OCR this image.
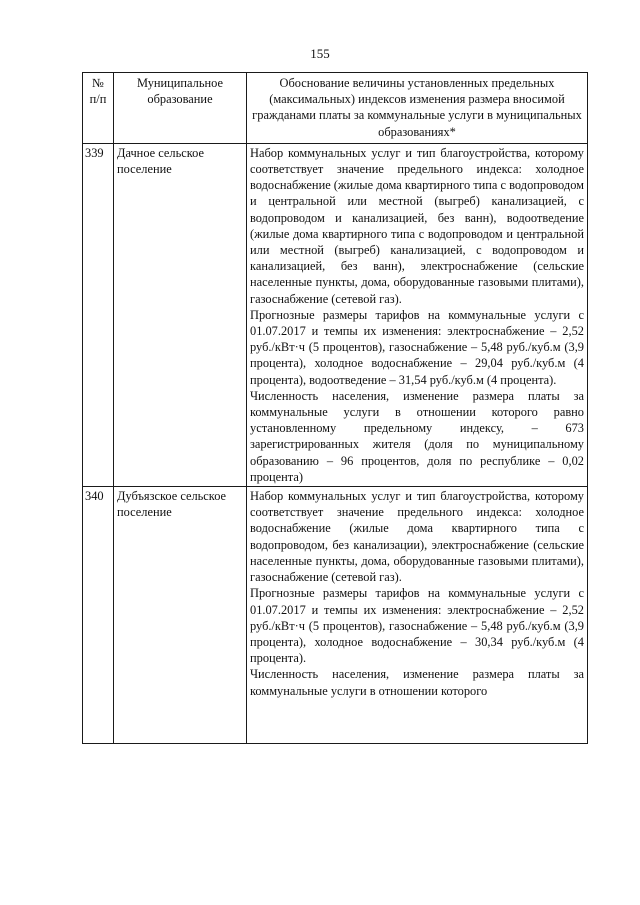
155
№ п/п	Муниципальное образование	Обоснование величины установленных предельных (максимальных) индексов изменения размера вносимой гражданами платы за коммунальные услуги в муниципальных образованиях*
339	Дачное сельское поселение	Набор коммунальных услуг и тип благоустройства, которому соответствует значение предельного индекса: холодное водоснабжение (жилые дома квартирного типа с водопроводом и центральной или местной (выгреб) канализацией, с водопроводом и канализацией, без ванн), водоотведение (жилые дома квартирного типа с водопроводом и центральной или местной (выгреб) канализацией, с водопроводом и канализацией, без ванн), электроснабжение (сельские населенные пункты, дома, оборудованные газовыми плитами), газоснабжение (сетевой газ).

Прогнозные размеры тарифов на коммунальные услуги с 01.07.2017 и темпы их изменения: электроснабжение – 2,52 руб./кВт·ч (5 процентов), газоснабжение – 5,48 руб./куб.м (3,9 процента), холодное водоснабжение – 29,04 руб./куб.м (4 процента), водоотведение – 31,54 руб./куб.м (4 процента).

Численность населения, изменение размера платы за коммунальные услуги в отношении которого равно установленному предельному индексу, – 673 зарегистрированных жителя (доля по муниципальному образованию – 96 процентов, доля по республике – 0,02 процента)

340	Дубъязское сельское поселение	Набор коммунальных услуг и тип благоустройства, которому соответствует значение предельного индекса: холодное водоснабжение (жилые дома квартирного типа с водопроводом, без канализации), электроснабжение (сельские населенные пункты, дома, оборудованные газовыми плитами), газоснабжение (сетевой газ).

Прогнозные размеры тарифов на коммунальные услуги с 01.07.2017 и темпы их изменения: электроснабжение – 2,52 руб./кВт·ч (5 процентов), газоснабжение – 5,48 руб./куб.м (3,9 процента), холодное водоснабжение – 30,34 руб./куб.м (4 процента).

Численность населения, изменение размера платы за коммунальные услуги в отношении которого
